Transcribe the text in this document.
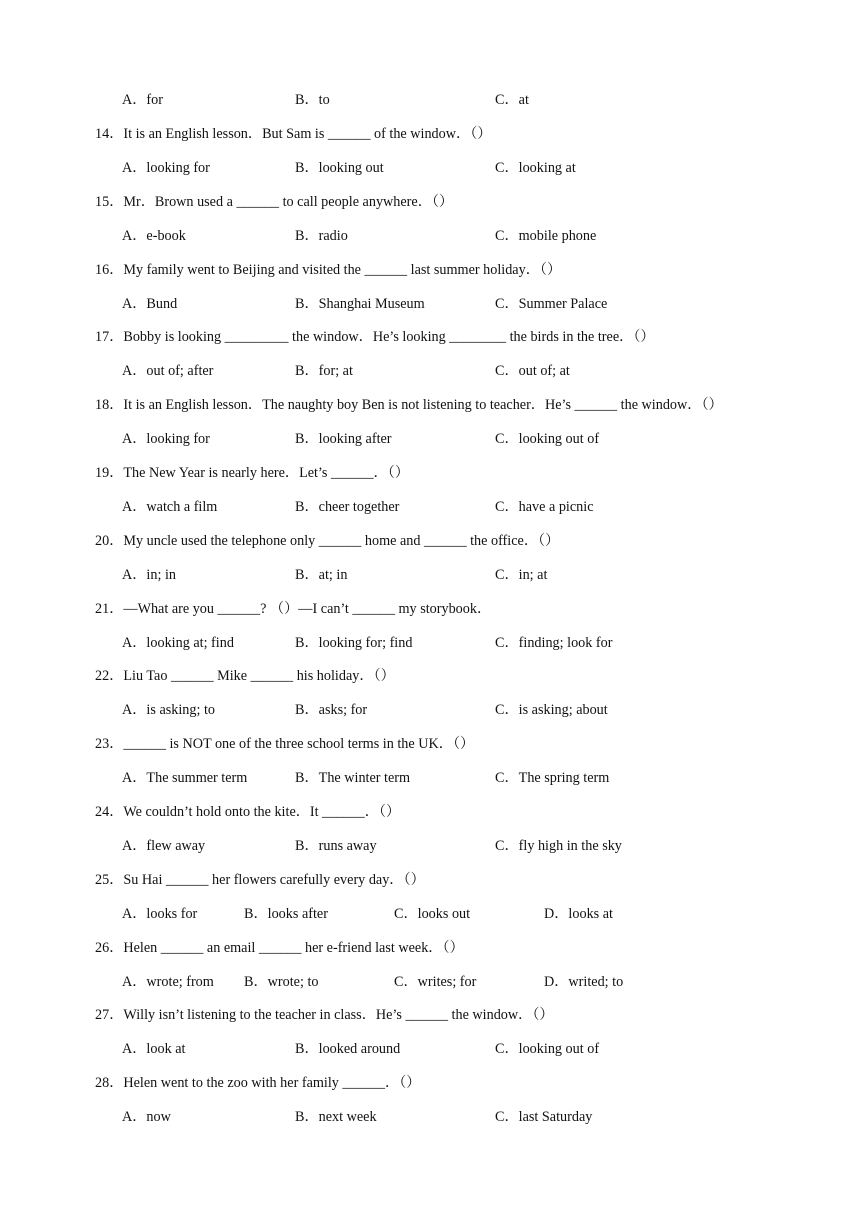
A．for	B．to	C．at
14．It is an English lesson．But Sam is ______ of the window．（）
A．looking for	B．looking out	C．looking at
15．Mr．Brown used a ______ to call people anywhere．（）
A．e-book	B．radio	C．mobile phone
16．My family went to Beijing and visited the ______ last summer holiday．（）
A．Bund	B．Shanghai Museum	C．Summer Palace
17．Bobby is looking _________ the window．He’s looking ________ the birds in the tree．（）
A．out of; after	B．for; at	C．out of; at
18．It is an English lesson．The naughty boy Ben is not listening to teacher．He’s ______ the window．（）
A．looking for	B．looking after	C．looking out of
19．The New Year is nearly here．Let’s ______．（）
A．watch a film	B．cheer together	C．have a picnic
20．My uncle used the telephone only ______ home and ______ the office．（）
A．in; in	B．at; in	C．in; at
21．—What are you ______? （）—I can’t ______ my storybook．
A．looking at; find	B．looking for; find	C．finding; look for
22．Liu Tao ______ Mike ______ his holiday．（）
A．is asking; to	B．asks; for	C．is asking; about
23．______ is NOT one of the three school terms in the UK．（）
A．The summer term	B．The winter term	C．The spring term
24．We couldn’t hold onto the kite．It ______．（）
A．flew away	B．runs away	C．fly high in the sky
25．Su Hai ______ her flowers carefully every day．（）
A．looks for	B．looks after	C．looks out	D．looks at
26．Helen ______ an email ______ her e-friend last week．（）
A．wrote; from B．wrote; to	C．writes; for	D．writed; to
27．Willy isn’t listening to the teacher in class．He’s ______ the window．（）
A．look at	B．looked around	C．looking out of
28．Helen went to the zoo with her family ______．（）
A．now	B．next week	C．last Saturday
